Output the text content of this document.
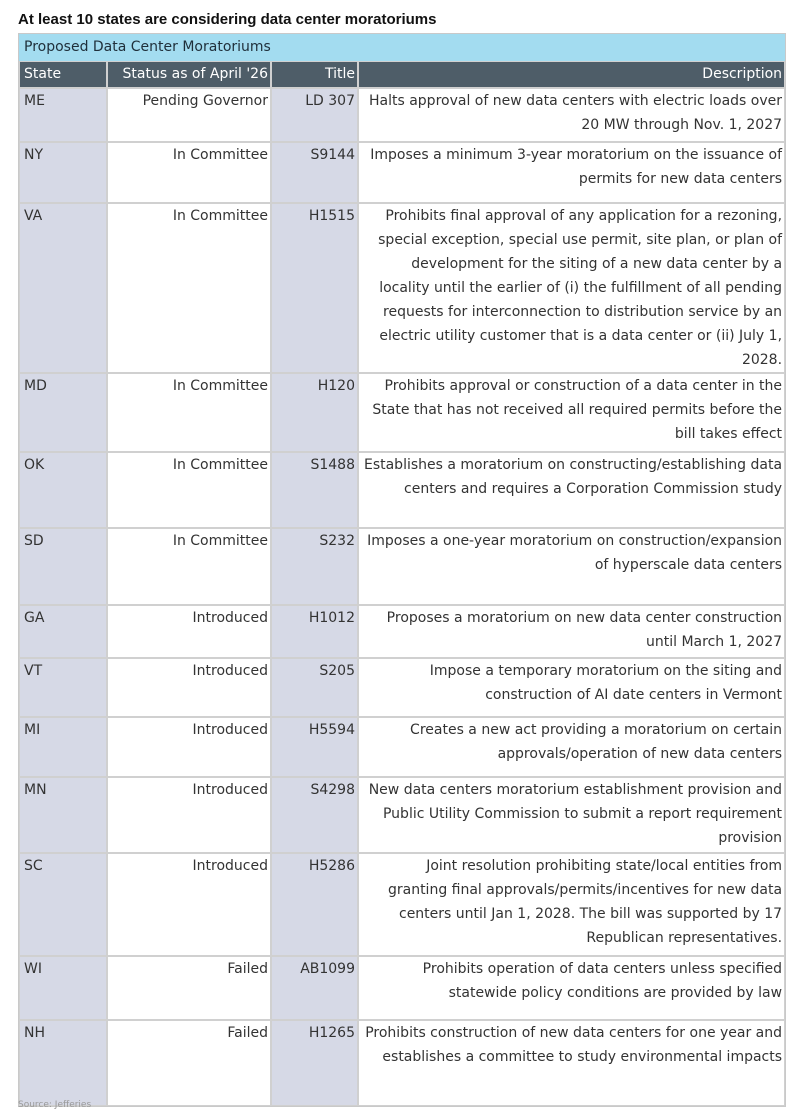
At least 10 states are considering data center moratoriums
Proposed Data Center Moratoriums			
State	Status as of April '26	Title	Description
ME	Pending Governor	LD 307	Halts approval of new data centers with electric loads over 20 MW through Nov. 1, 2027
NY	In Committee	S9144	Imposes a minimum 3-year moratorium on the issuance of permits for new data centers
VA	In Committee	H1515	Prohibits final approval of any application for a rezoning, special exception, special use permit, site plan, or plan of development for the siting of a new data center by a locality until the earlier of (i) the fulfillment of all pending requests for interconnection to distribution service by an electric utility customer that is a data center or (ii) July 1, 2028.
MD	In Committee	H120	Prohibits approval or construction of a data center in the State that has not received all required permits before the bill takes effect
OK	In Committee	S1488	Establishes a moratorium on constructing/establishing data centers and requires a Corporation Commission study
SD	In Committee	S232	Imposes a one-year moratorium on construction/expansion of hyperscale data centers
GA	Introduced	H1012	Proposes a moratorium on new data center construction until March 1, 2027
VT	Introduced	S205	Impose a temporary moratorium on the siting and construction of AI date centers in Vermont
MI	Introduced	H5594	Creates a new act providing a moratorium on certain approvals/operation of new data centers
MN	Introduced	S4298	New data centers moratorium establishment provision and Public Utility Commission to submit a report requirement provision
SC	Introduced	H5286	Joint resolution prohibiting state/local entities from granting final approvals/permits/incentives for new data centers until Jan 1, 2028. The bill was supported by 17 Republican representatives.
WI	Failed	AB1099	Prohibits operation of data centers unless specified statewide policy conditions are provided by law
NH	Failed	H1265	Prohibits construction of new data centers for one year and establishes a committee to study environmental impacts
Source: Jefferies
